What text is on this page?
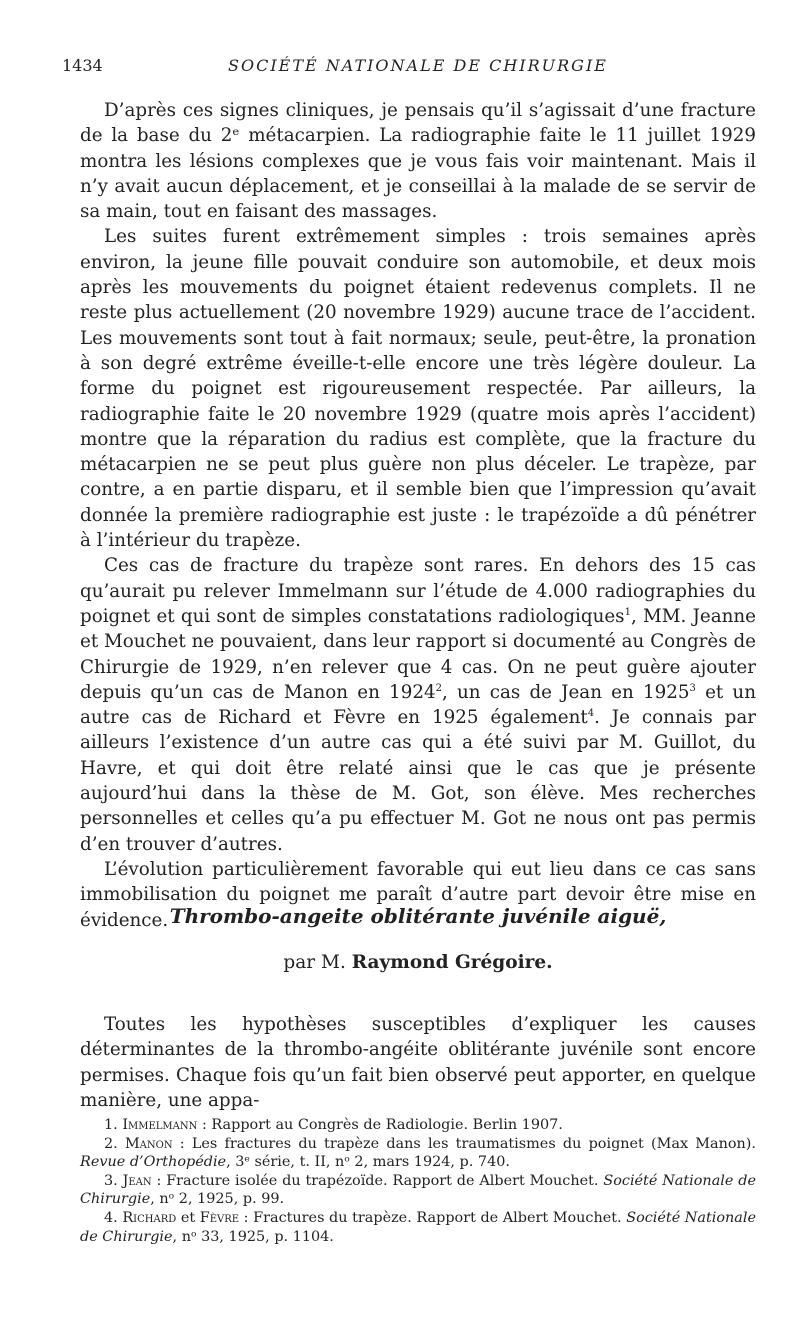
1434	SOCIÉTÉ NATIONALE DE CHIRURGIE

D’après ces signes cliniques, je pensais qu’il s’agissait d’une fracture de la base du 2ᵉ métacarpien. La radiographie faite le 11 juillet 1929 montra les lésions complexes que je vous fais voir maintenant. Mais il n’y avait aucun déplacement, et je conseillai à la malade de se servir de sa main, tout en faisant des massages.

Les suites furent extrêmement simples : trois semaines après environ, la jeune fille pouvait conduire son automobile, et deux mois après les mouvements du poignet étaient redevenus complets. Il ne reste plus actuellement (20 novembre 1929) aucune trace de l’accident. Les mouvements sont tout à fait normaux; seule, peut-être, la pronation à son degré extrême éveille-t-elle encore une très légère douleur. La forme du poignet est rigoureusement respectée. Par ailleurs, la radiographie faite le 20 novembre 1929 (quatre mois après l’accident) montre que la réparation du radius est complète, que la fracture du métacarpien ne se peut plus guère non plus déceler. Le trapèze, par contre, a en partie disparu, et il semble bien que l’impression qu’avait donnée la première radiographie est juste : le trapézoïde a dû pénétrer à l’intérieur du trapèze.

Ces cas de fracture du trapèze sont rares. En dehors des 15 cas qu’aurait pu relever Immelmann sur l’étude de 4.000 radiographies du poignet et qui sont de simples constatations radiologiques$^1$, MM. Jeanne et Mouchet ne pouvaient, dans leur rapport si documenté au Congrès de Chirurgie de 1929, n’en relever que 4 cas. On ne peut guère ajouter depuis qu’un cas de Manon en 1924$^2$, un cas de Jean en 1925$^3$ et un autre cas de Richard et Fèvre en 1925 également$^4$. Je connais par ailleurs l’existence d’un autre cas qui a été suivi par M. Guillot, du Havre, et qui doit être relaté ainsi que le cas que je présente aujourd’hui dans la thèse de M. Got, son élève. Mes recherches personnelles et celles qu’a pu effectuer M. Got ne nous ont pas permis d’en trouver d’autres.

L’évolution particulièrement favorable qui eut lieu dans ce cas sans immobilisation du poignet me paraît d’autre part devoir être mise en évidence. Thrombo-angeite oblitérante juvénile aiguë,
par M. Raymond Grégoire.

Toutes les hypothèses susceptibles d’expliquer les causes déterminantes de la thrombo-angéite oblitérante juvénile sont encore permises. Chaque fois qu’un fait bien observé peut apporter, en quelque manière, une appa-

1. Immelmann : Rapport au Congrès de Radiologie. Berlin 1907.

2. Manon : Les fractures du trapèze dans les traumatismes du poignet (Max Manon). Revue d’Orthopédie, 3ᵉ série, t. II, nᵒ 2, mars 1924, p. 740.

3. Jean : Fracture isolée du trapézoïde. Rapport de Albert Mouchet. Société Nationale de Chirurgie, nᵒ 2, 1925, p. 99.

4. Richard et Fèvre : Fractures du trapèze. Rapport de Albert Mouchet. Société Nationale de Chirurgie, nᵒ 33, 1925, p. 1104.
